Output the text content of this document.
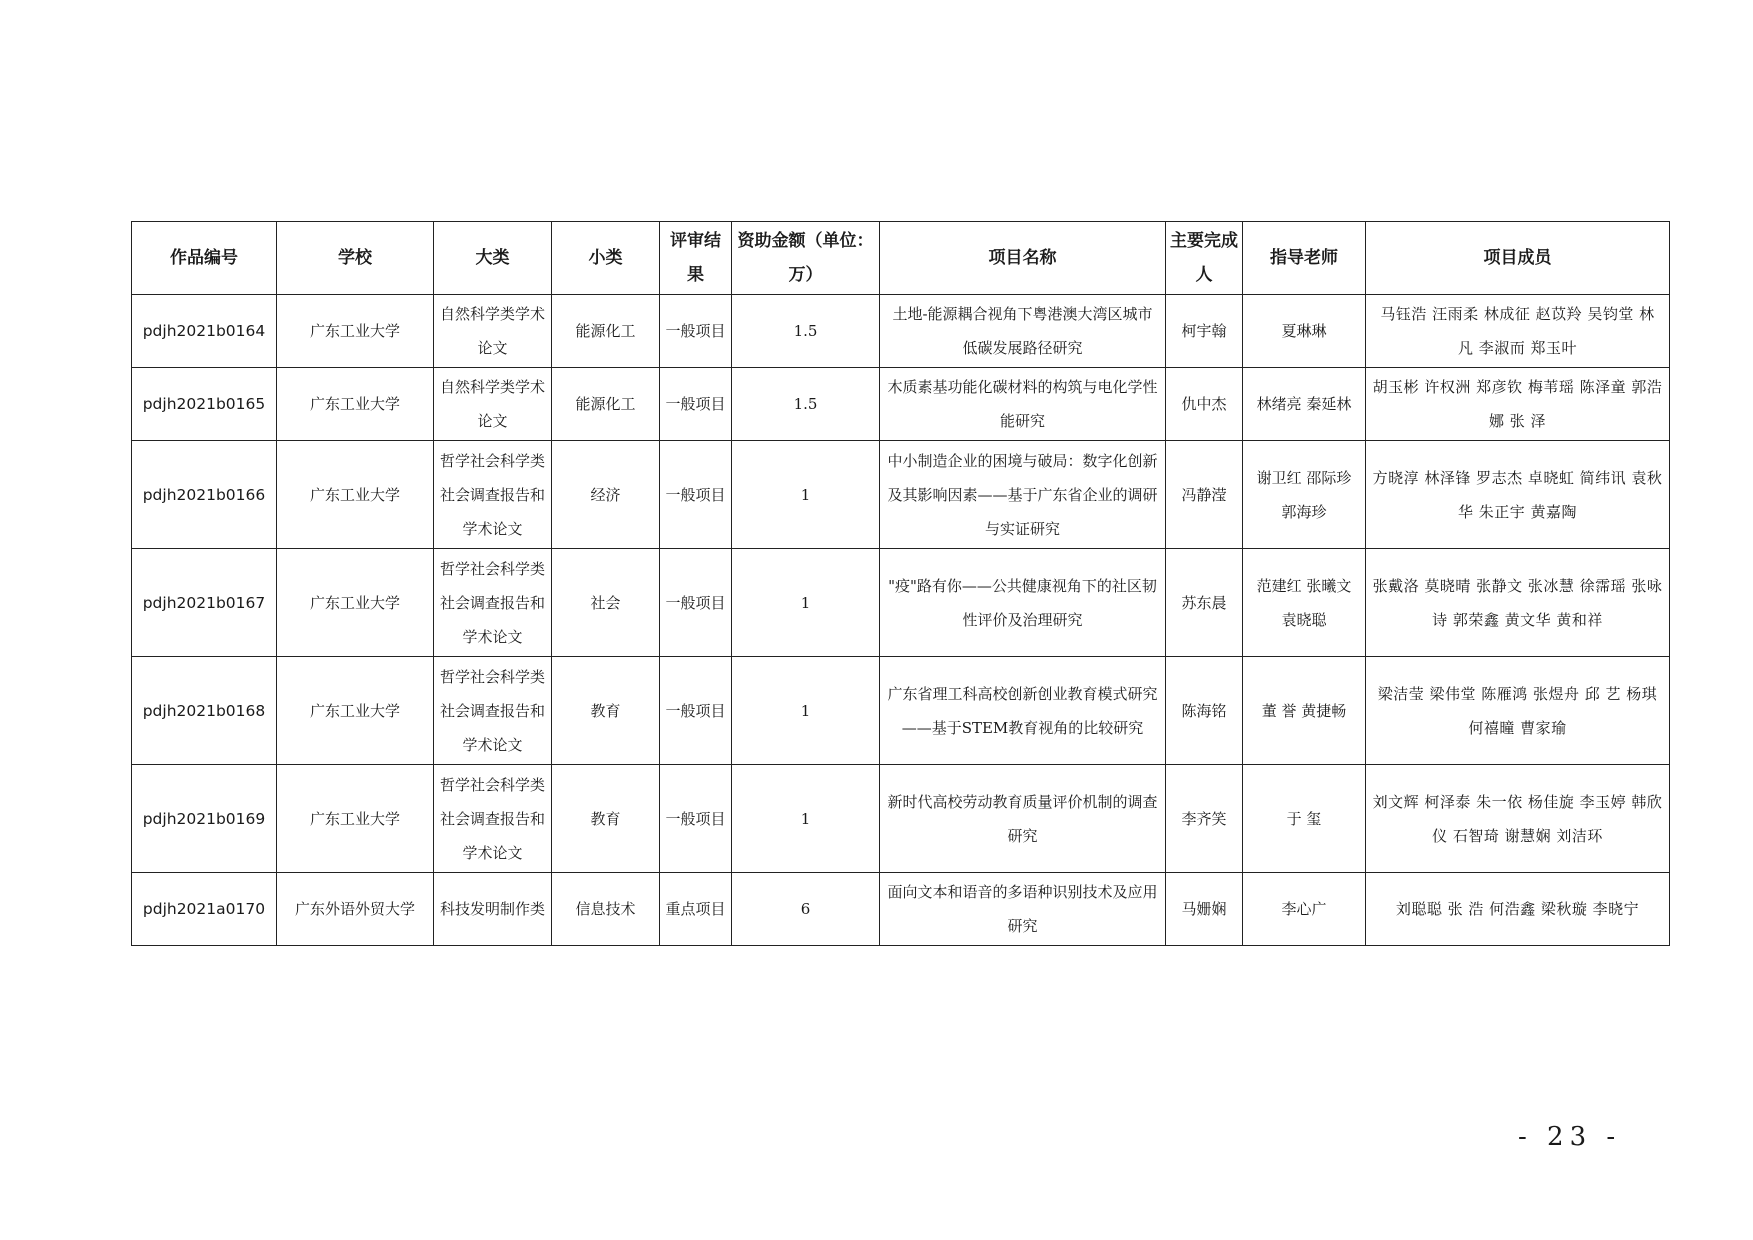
作品编号	学校	大类	小类	评审结果	资助金额（单位：万）	项目名称	主要完成人	指导老师	项目成员
pdjh2021b0164	广东工业大学	自然科学类学术论文	能源化工	一般项目	1.5	土地-能源耦合视角下粤港澳大湾区城市低碳发展路径研究	柯宇翰	夏琳琳	马钰浩 汪雨柔 林成征 赵苡羚 吴钧堂 林 凡 李淑而 郑玉叶
pdjh2021b0165	广东工业大学	自然科学类学术论文	能源化工	一般项目	1.5	木质素基功能化碳材料的构筑与电化学性能研究	仇中杰	林绪亮 秦延林	胡玉彬 许权洲 郑彦钦 梅苇瑶 陈泽童 郭浩娜 张 泽
pdjh2021b0166	广东工业大学	哲学社会科学类社会调查报告和学术论文	经济	一般项目	1	中小制造企业的困境与破局：数字化创新及其影响因素——基于广东省企业的调研与实证研究	冯静滢	谢卫红 邵际珍 郭海珍	方晓淳 林泽锋 罗志杰 卓晓虹 简纬讯 袁秋华 朱正宇 黄嘉陶
pdjh2021b0167	广东工业大学	哲学社会科学类社会调查报告和学术论文	社会	一般项目	1	"疫"路有你——公共健康视角下的社区韧性评价及治理研究	苏东晨	范建红 张曦文 袁晓聪	张戴洛 莫晓晴 张静文 张冰慧 徐霈瑶 张咏诗 郭荣鑫 黄文华 黄和祥
pdjh2021b0168	广东工业大学	哲学社会科学类社会调查报告和学术论文	教育	一般项目	1	广东省理工科高校创新创业教育模式研究——基于STEM教育视角的比较研究	陈海铭	董 誉 黄捷畅	梁洁莹 梁伟堂 陈雁鸿 张煜舟 邱 艺 杨琪 何禧曈 曹家瑜
pdjh2021b0169	广东工业大学	哲学社会科学类社会调查报告和学术论文	教育	一般项目	1	新时代高校劳动教育质量评价机制的调查研究	李齐笑	于 玺	刘文辉 柯泽泰 朱一依 杨佳旋 李玉婷 韩欣仪 石智琦 谢慧娴 刘洁环
pdjh2021a0170	广东外语外贸大学	科技发明制作类	信息技术	重点项目	6	面向文本和语音的多语种识别技术及应用研究	马姗娴	李心广	刘聪聪 张 浩 何浩鑫 梁秋璇 李晓宁
- 23 -
